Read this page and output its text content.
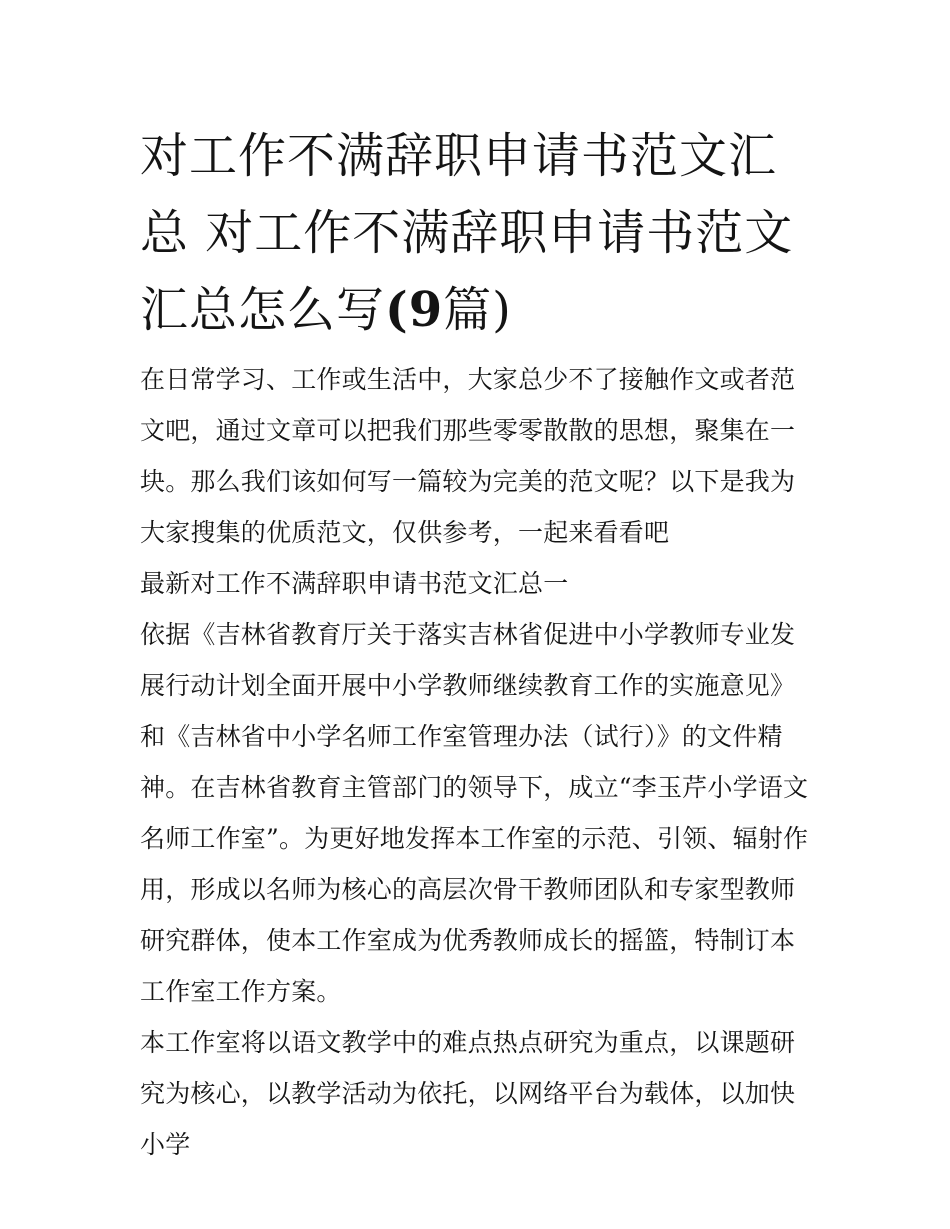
对工作不满辞职申请书范文汇
总 对工作不满辞职申请书范文
汇总怎么写(9篇)

在日常学习、工作或生活中，大家总少不了接触作文或者范文吧，通过文章可以把我们那些零零散散的思想，聚集在一块。那么我们该如何写一篇较为完美的范文呢？以下是我为大家搜集的优质范文，仅供参考，一起来看看吧

最新对工作不满辞职申请书范文汇总一

依据《吉林省教育厅关于落实吉林省促进中小学教师专业发展行动计划全面开展中小学教师继续教育工作的实施意见》和《吉林省中小学名师工作室管理办法（试行）》的文件精神。在吉林省教育主管部门的领导下，成立“李玉芹小学语文名师工作室”。为更好地发挥本工作室的示范、引领、辐射作用，形成以名师为核心的高层次骨干教师团队和专家型教师研究群体，使本工作室成为优秀教师成长的摇篮，特制订本工作室工作方案。

本工作室将以语文教学中的难点热点研究为重点，以课题研究为核心，以教学活动为依托，以网络平台为载体，以加快小学
